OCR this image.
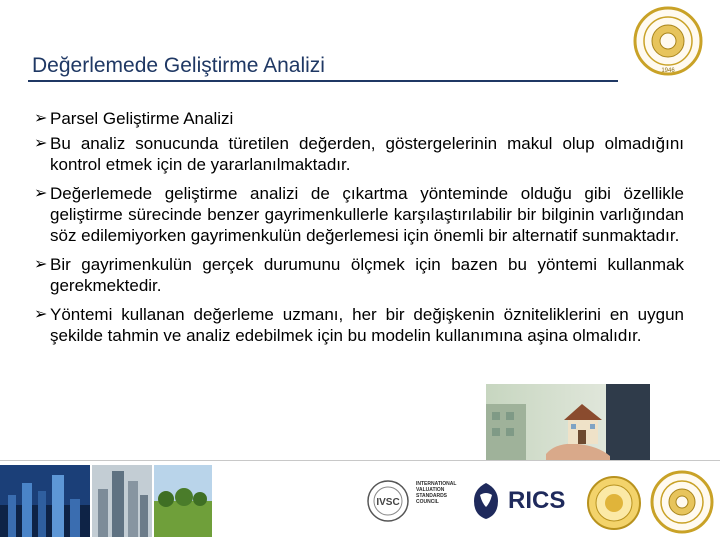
Değerlemede Geliştirme Analizi	1946
➢ Parsel Geliştirme Analizi
➢ Bu analiz sonucunda türetilen değerden, göstergelerinin makul olup olmadığını kontrol etmek için de yararlanılmaktadır.
➢ Değerlemede geliştirme analizi de çıkartma yönteminde olduğu gibi özellikle geliştirme sürecinde benzer gayrimenkullerle karşılaştırılabilir bir bilginin varlığından söz edilemiyorken gayrimenkulün değerlemesi için önemli bir alternatif sunmaktadır.
➢ Bir gayrimenkulün gerçek durumunu ölçmek için bazen bu yöntemi kullanmak gerekmektedir.
➢ Yöntemi kullanan değerleme uzmanı, her bir değişkenin özniteliklerini en uygun şekilde tahmin ve analiz edebilmek için bu modelin kullanımına aşina olmalıdır.
IVSC
INTERNATIONAL
VALUATION
STANDARDS
COUNCIL	RICS
